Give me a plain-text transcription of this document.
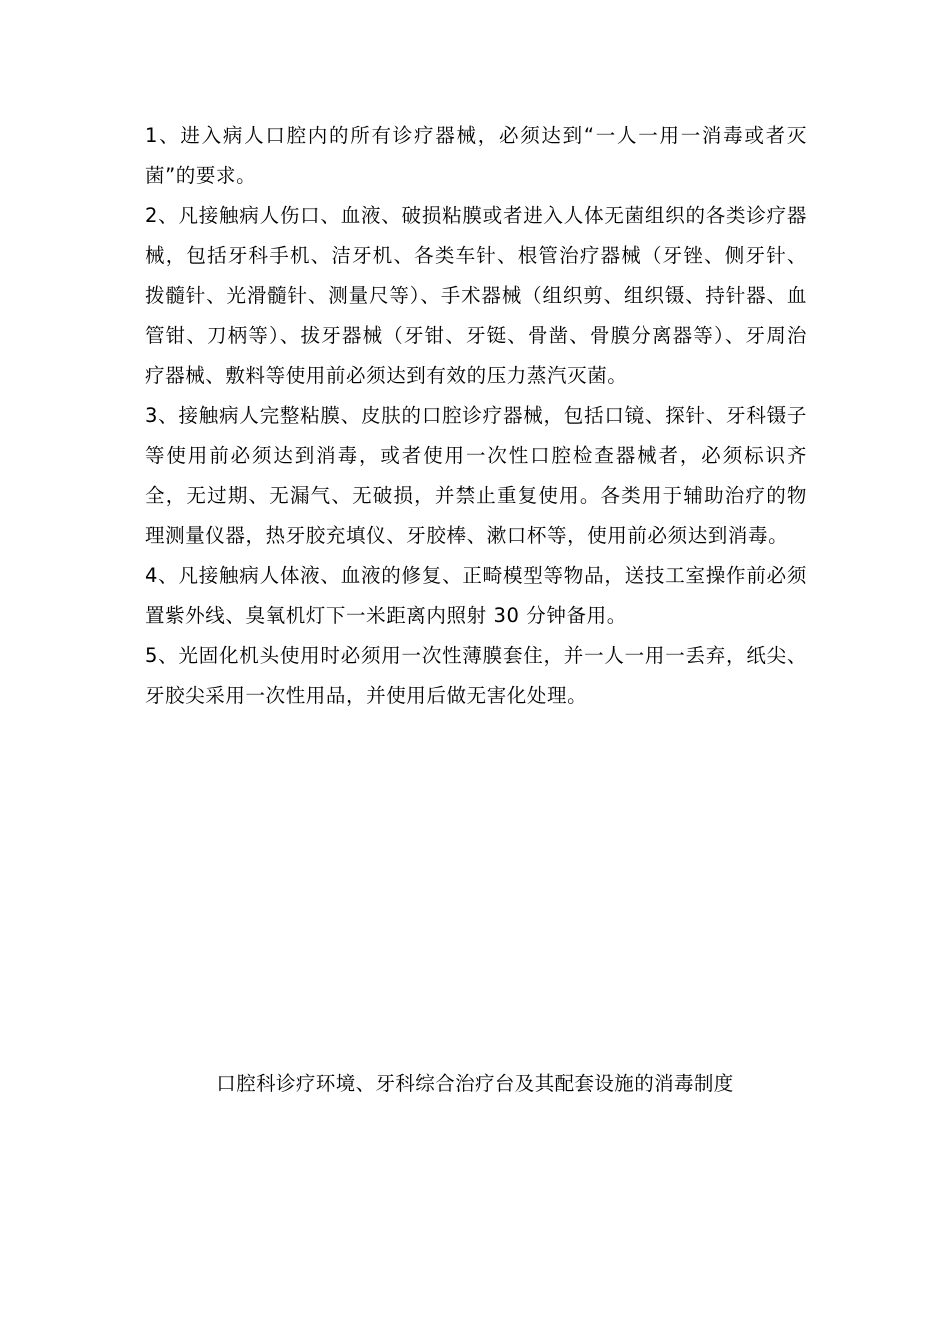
1、进入病人口腔内的所有诊疗器械，必须达到“一人一用一消毒或者灭菌”的要求。

2、凡接触病人伤口、血液、破损粘膜或者进入人体无菌组织的各类诊疗器械，包括牙科手机、洁牙机、各类车针、根管治疗器械（牙锉、侧牙针、拨髓针、光滑髓针、测量尺等）、手术器械（组织剪、组织镊、持针器、血管钳、刀柄等）、拔牙器械（牙钳、牙铤、骨凿、骨膜分离器等）、牙周治疗器械、敷料等使用前必须达到有效的压力蒸汽灭菌。

3、接触病人完整粘膜、皮肤的口腔诊疗器械，包括口镜、探针、牙科镊子等使用前必须达到消毒，或者使用一次性口腔检查器械者，必须标识齐全，无过期、无漏气、无破损，并禁止重复使用。各类用于辅助治疗的物理测量仪器，热牙胶充填仪、牙胶棒、漱口杯等，使用前必须达到消毒。

4、凡接触病人体液、血液的修复、正畸模型等物品，送技工室操作前必须置紫外线、臭氧机灯下一米距离内照射 30 分钟备用。

5、光固化机头使用时必须用一次性薄膜套住，并一人一用一丢弃，纸尖、牙胶尖采用一次性用品，并使用后做无害化处理。

口腔科诊疗环境、牙科综合治疗台及其配套设施的消毒制度
